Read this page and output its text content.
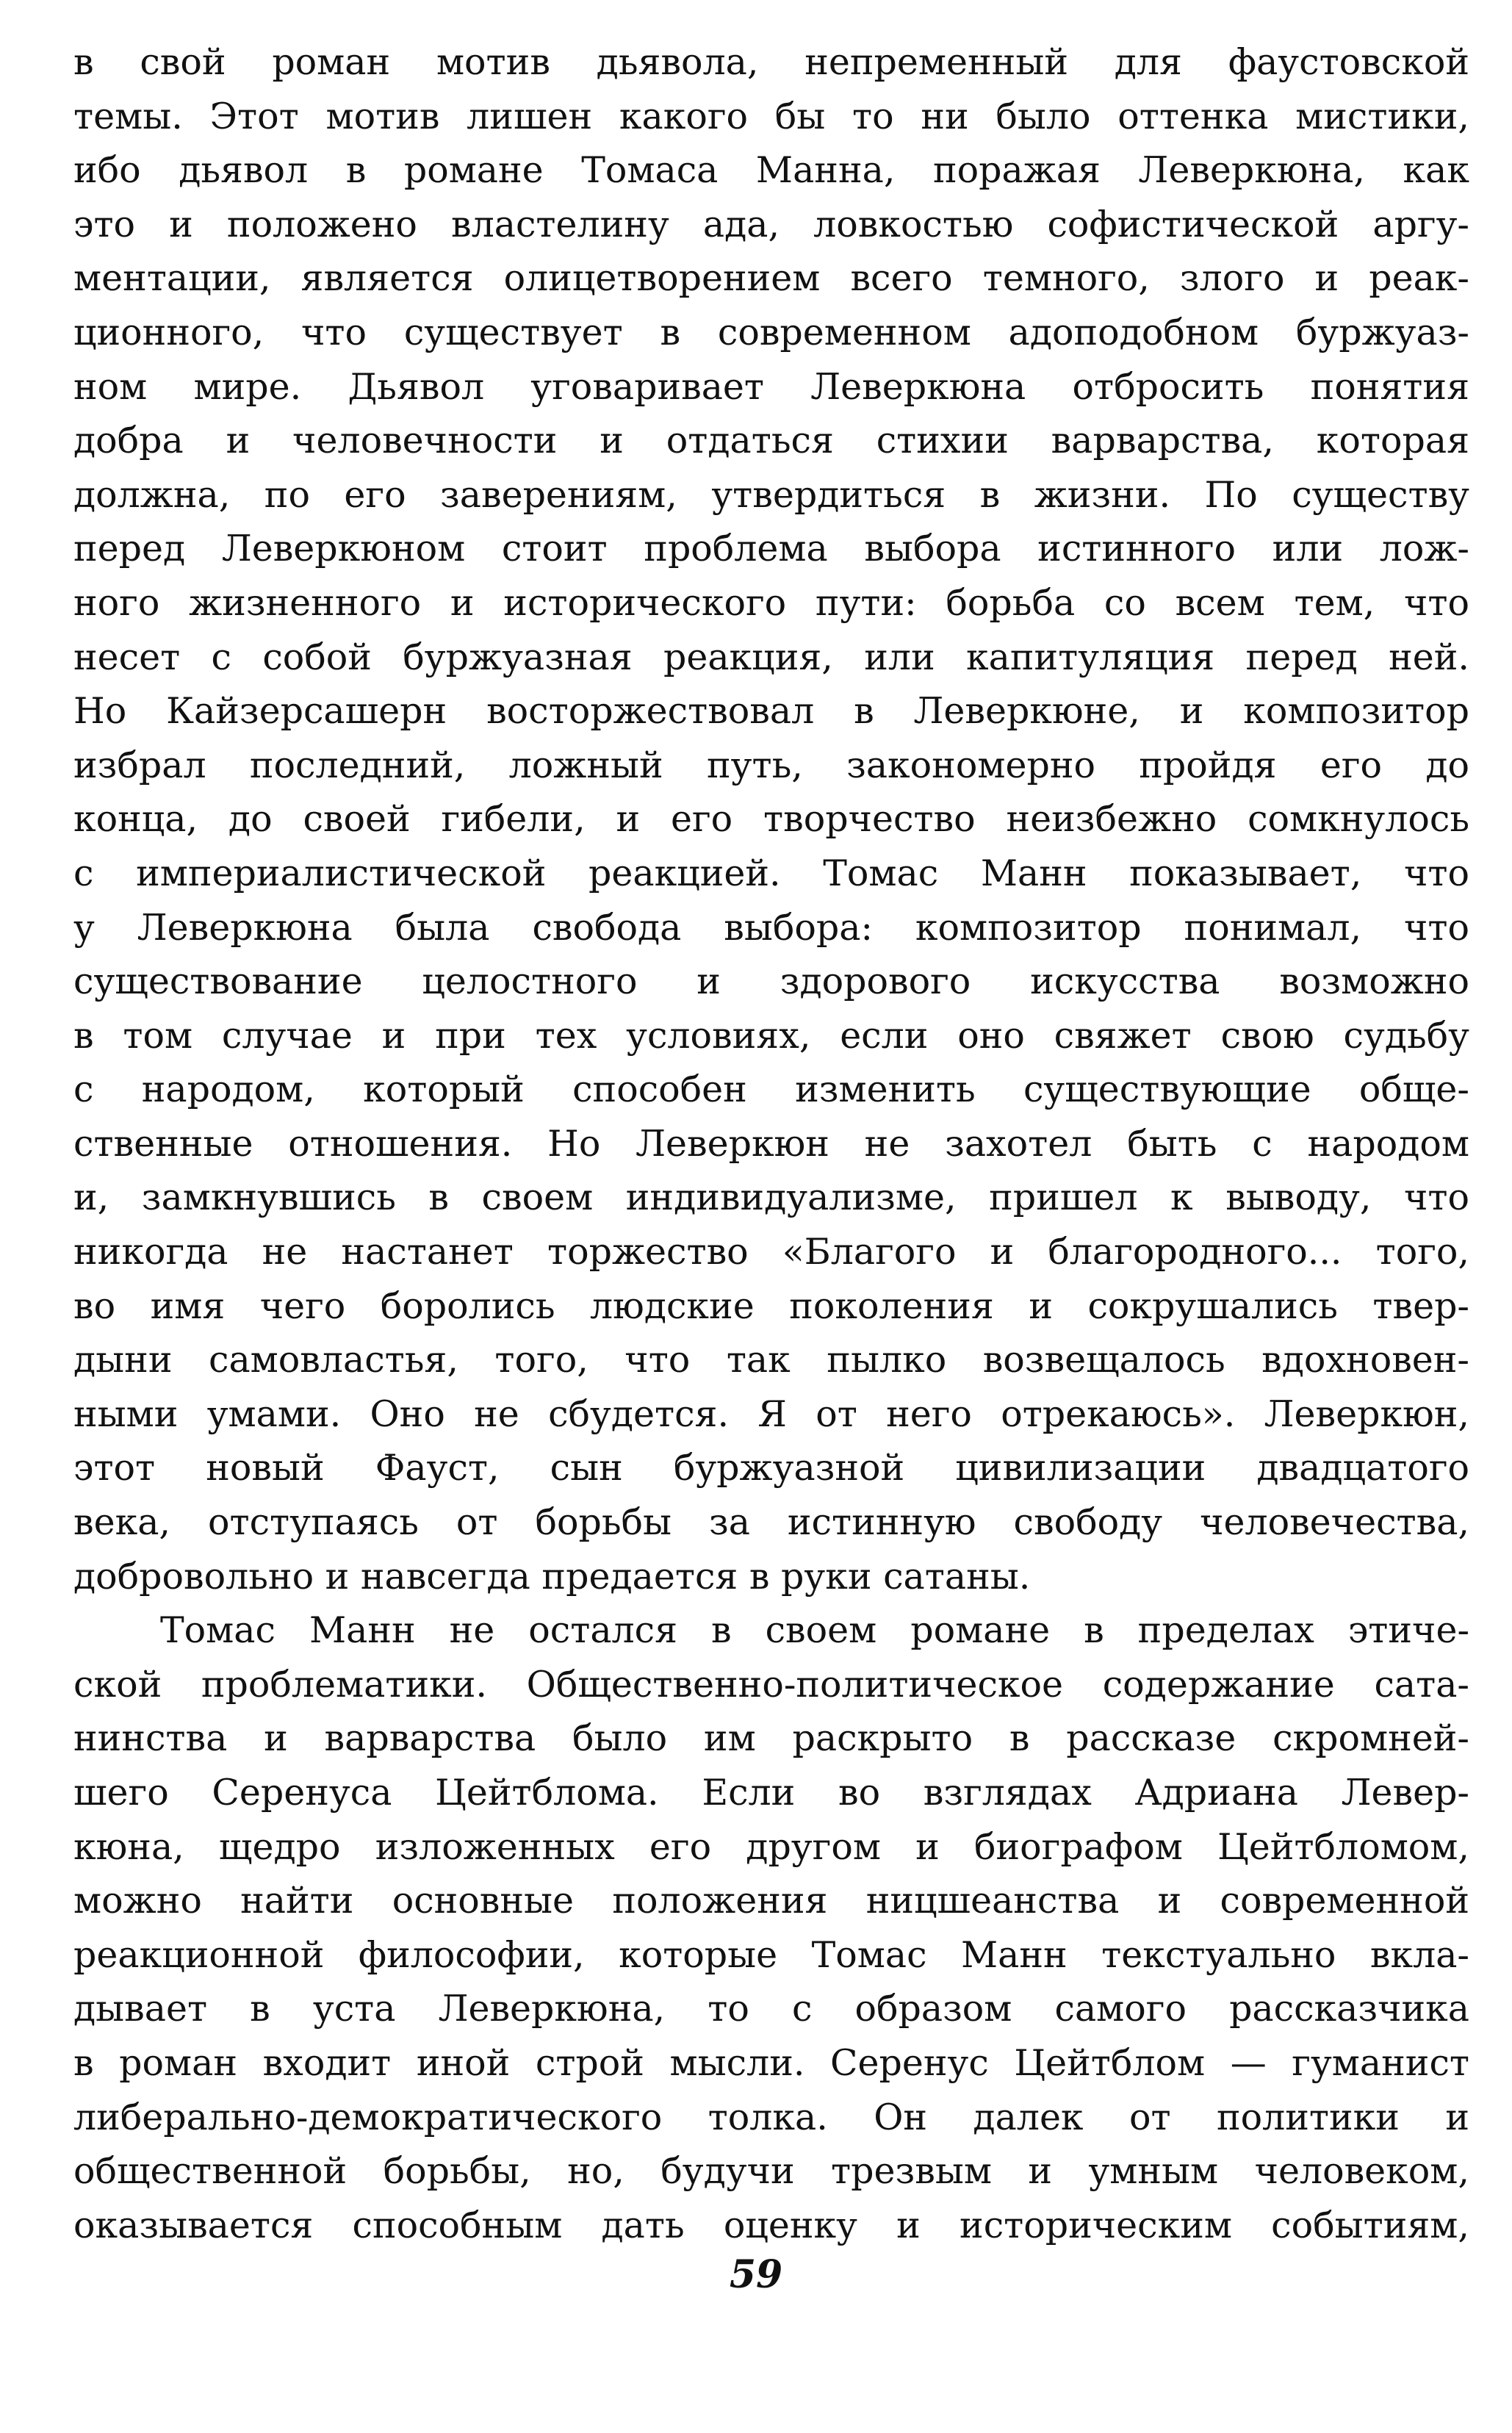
в свой роман мотив дьявола, непременный для фаустовской
темы. Этот мотив лишен какого бы то ни было оттенка мистики,
ибо дьявол в романе Томаса Манна, поражая Леверкюна, как
это и положено властелину ада, ловкостью софистической аргу-
ментации, является олицетворением всего темного, злого и реак-
ционного, что существует в современном адоподобном буржуаз-
ном мире. Дьявол уговаривает Леверкюна отбросить понятия
добра и человечности и отдаться стихии варварства, которая
должна, по его заверениям, утвердиться в жизни. По существу
перед Леверкюном стоит проблема выбора истинного или лож-
ного жизненного и исторического пути: борьба со всем тем, что
несет с собой буржуазная реакция, или капитуляция перед ней.
Но Кайзерсашерн восторжествовал в Леверкюне, и композитор
избрал последний, ложный путь, закономерно пройдя его до
конца, до своей гибели, и его творчество неизбежно сомкнулось
с империалистической реакцией. Томас Манн показывает, что
у Леверкюна была свобода выбора: композитор понимал, что
существование целостного и здорового искусства возможно
в том случае и при тех условиях, если оно свяжет свою судьбу
с народом, который способен изменить существующие обще-
ственные отношения. Но Леверкюн не захотел быть с народом
и, замкнувшись в своем индивидуализме, пришел к выводу, что
никогда не настанет торжество «Благого и благородного... того,
во имя чего боролись людские поколения и сокрушались твер-
дыни самовластья, того, что так пылко возвещалось вдохновен-
ными умами. Оно не сбудется. Я от него отрекаюсь». Леверкюн,
этот новый Фауст, сын буржуазной цивилизации двадцатого
века, отступаясь от борьбы за истинную свободу человечества,
добровольно и навсегда предается в руки сатаны.
Томас Манн не остался в своем романе в пределах этиче-
ской проблематики. Общественно-политическое содержание сата-
нинства и варварства было им раскрыто в рассказе скромней-
шего Серенуса Цейтблома. Если во взглядах Адриана Левер-
кюна, щедро изложенных его другом и биографом Цейтбломом,
можно найти основные положения ницшеанства и современной
реакционной философии, которые Томас Манн текстуально вкла-
дывает в уста Леверкюна, то с образом самого рассказчика
в роман входит иной строй мысли. Серенус Цейтблом — гуманист
либерально-демократического толка. Он далек от политики и
общественной борьбы, но, будучи трезвым и умным человеком,
оказывается способным дать оценку и историческим событиям,
59
